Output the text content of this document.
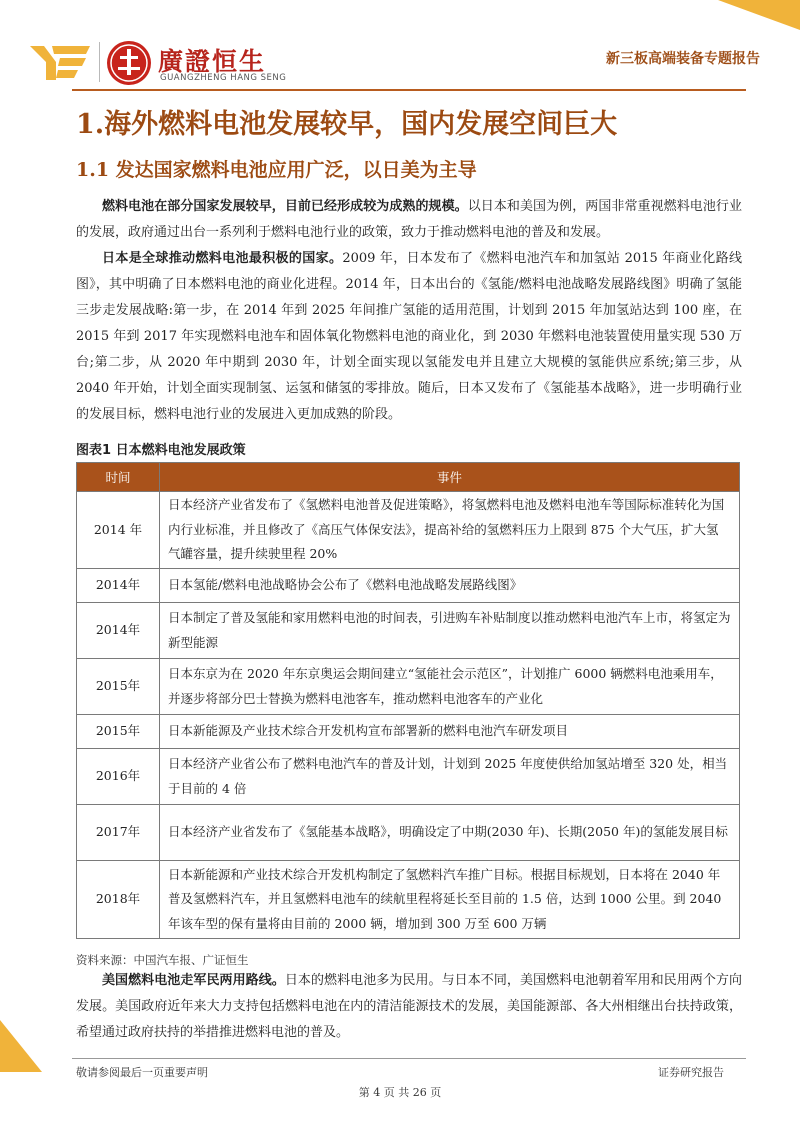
廣證恒生
GUANGZHENG HANG SENG
新三板高端装备专题报告
1.海外燃料电池发展较早，国内发展空间巨大
1.1 发达国家燃料电池应用广泛，以日美为主导

燃料电池在部分国家发展较早，目前已经形成较为成熟的规模。以日本和美国为例，两国非常重视燃料电池行业的发展，政府通过出台一系列利于燃料电池行业的政策，致力于推动燃料电池的普及和发展。

日本是全球推动燃料电池最积极的国家。2009 年，日本发布了《燃料电池汽车和加氢站 2015 年商业化路线图》，其中明确了日本燃料电池的商业化进程。2014 年，日本出台的《氢能/燃料电池战略发展路线图》明确了氢能三步走发展战略:第一步，在 2014 年到 2025 年间推广氢能的适用范围，计划到 2015 年加氢站达到 100 座，在 2015 年到 2017 年实现燃料电池车和固体氧化物燃料电池的商业化，到 2030 年燃料电池装置使用量实现 530 万台;第二步，从 2020 年中期到 2030 年，计划全面实现以氢能发电并且建立大规模的氢能供应系统;第三步，从 2040 年开始，计划全面实现制氢、运氢和储氢的零排放。随后，日本又发布了《氢能基本战略》，进一步明确行业的发展目标，燃料电池行业的发展进入更加成熟的阶段。

图表1 日本燃料电池发展政策
时间	事件
2014 年	日本经济产业省发布了《氢燃料电池普及促进策略》，将氢燃料电池及燃料电池车等国际标准转化为国内行业标准，并且修改了《高压气体保安法》，提高补给的氢燃料压力上限到 875 个大气压，扩大氢气罐容量，提升续驶里程 20%
2014年	日本氢能/燃料电池战略协会公布了《燃料电池战略发展路线图》
2014年	日本制定了普及氢能和家用燃料电池的时间表，引进购车补贴制度以推动燃料电池汽车上市，将氢定为新型能源
2015年	日本东京为在 2020 年东京奥运会期间建立“氢能社会示范区”，计划推广 6000 辆燃料电池乘用车，并逐步将部分巴士替换为燃料电池客车，推动燃料电池客车的产业化
2015年	日本新能源及产业技术综合开发机构宣布部署新的燃料电池汽车研发项目
2016年	日本经济产业省公布了燃料电池汽车的普及计划，计划到 2025 年度使供给加氢站增至 320 处，相当于目前的 4 倍
2017年	日本经济产业省发布了《氢能基本战略》，明确设定了中期(2030 年)、长期(2050 年)的氢能发展目标
2018年	日本新能源和产业技术综合开发机构制定了氢燃料汽车推广目标。根据目标规划，日本将在 2040 年普及氢燃料汽车，并且氢燃料电池车的续航里程将延长至目前的 1.5 倍，达到 1000 公里。到 2040 年该车型的保有量将由目前的 2000 辆，增加到 300 万至 600 万辆
资料来源：中国汽车报、广证恒生

美国燃料电池走军民两用路线。日本的燃料电池多为民用。与日本不同，美国燃料电池朝着军用和民用两个方向发展。美国政府近年来大力支持包括燃料电池在内的清洁能源技术的发展，美国能源部、各大州相继出台扶持政策，希望通过政府扶持的举措推进燃料电池的普及。

敬请参阅最后一页重要声明	证券研究报告
第 4 页 共 26 页
